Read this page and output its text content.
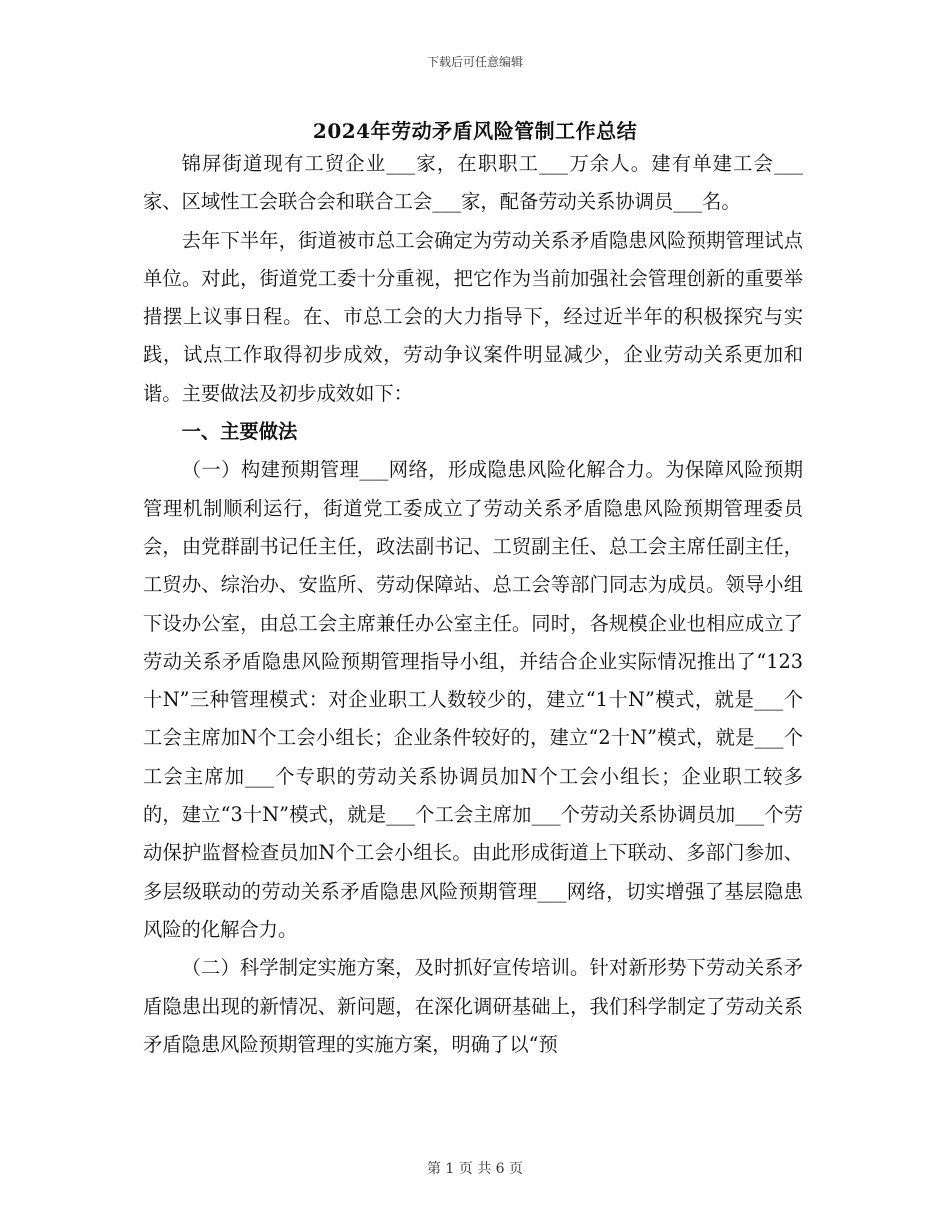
下载后可任意编辑
2024年劳动矛盾风险管制工作总结

锦屏街道现有工贸企业___家，在职职工___万余人。建有单建工会___家、区域性工会联合会和联合工会___家，配备劳动关系协调员___名。

去年下半年，街道被市总工会确定为劳动关系矛盾隐患风险预期管理试点单位。对此，街道党工委十分重视，把它作为当前加强社会管理创新的重要举措摆上议事日程。在、市总工会的大力指导下，经过近半年的积极探究与实践，试点工作取得初步成效，劳动争议案件明显减少，企业劳动关系更加和谐。主要做法及初步成效如下：

一、主要做法

（一）构建预期管理___网络，形成隐患风险化解合力。为保障风险预期管理机制顺利运行，街道党工委成立了劳动关系矛盾隐患风险预期管理委员会，由党群副书记任主任，政法副书记、工贸副主任、总工会主席任副主任，工贸办、综治办、安监所、劳动保障站、总工会等部门同志为成员。领导小组下设办公室，由总工会主席兼任办公室主任。同时，各规模企业也相应成立了劳动关系矛盾隐患风险预期管理指导小组，并结合企业实际情况推出了“123十N”三种管理模式：对企业职工人数较少的，建立“1十N”模式，就是___个工会主席加N个工会小组长；企业条件较好的，建立“2十N”模式，就是___个工会主席加___个专职的劳动关系协调员加N个工会小组长；企业职工较多的，建立“3十N”模式，就是___个工会主席加___个劳动关系协调员加___个劳动保护监督检查员加N个工会小组长。由此形成街道上下联动、多部门参加、多层级联动的劳动关系矛盾隐患风险预期管理___网络，切实增强了基层隐患风险的化解合力。

（二）科学制定实施方案，及时抓好宣传培训。针对新形势下劳动关系矛盾隐患出现的新情况、新问题，在深化调研基础上，我们科学制定了劳动关系矛盾隐患风险预期管理的实施方案，明确了以“预

第 1 页 共 6 页
